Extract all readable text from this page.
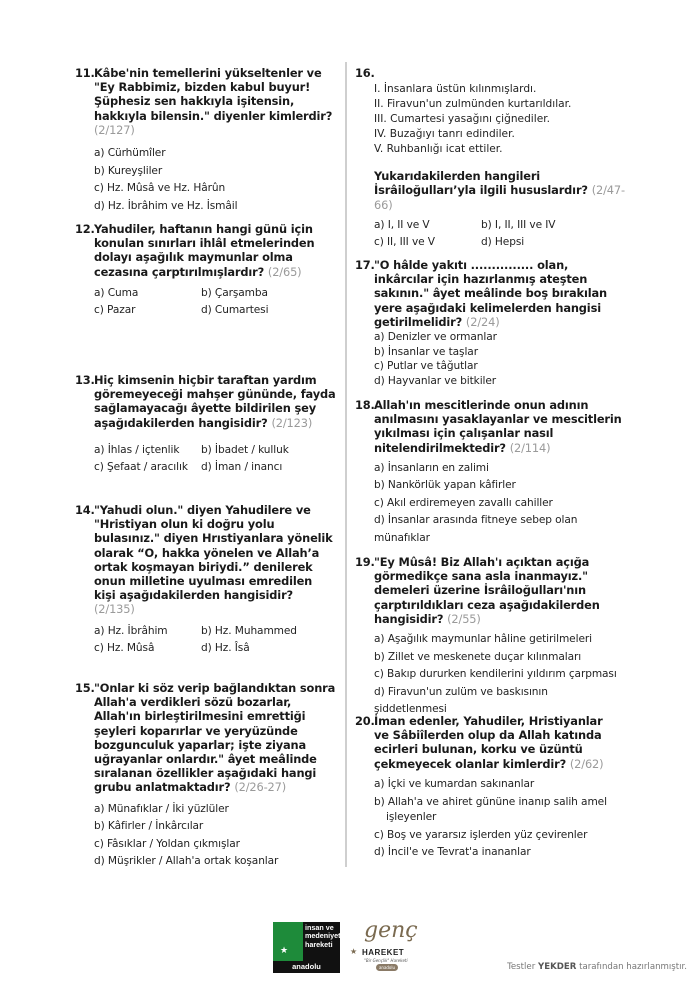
11.Kâbe'nin temellerini yükseltenler ve "Ey Rabbimiz, bizden kabul buyur! Şüphesiz sen hakkıyla işitensin, hakkıyla bilensin." diyenler kimlerdir? (2/127)
a) Cürhümîler
b) Kureyşliler
c) Hz. Mûsâ ve Hz. Hârûn
d) Hz. İbrâhim ve Hz. İsmâil
12.Yahudiler, haftanın hangi günü için konulan sınırları ihlâl etmelerinden dolayı aşağılık maymunlar olma cezasına çarptırılmışlardır? (2/65)
a) Cuma	b) Çarşamba
c) Pazar	d) Cumartesi
13.Hiç kimsenin hiçbir taraftan yardım göremeyeceği mahşer gününde, fayda sağlamayacağı âyette bildirilen şey aşağıdakilerden hangisidir? (2/123)
a) İhlas / içtenlik	b) İbadet / kulluk
c) Şefaat / aracılık	d) İman / inancı
14."Yahudi olun." diyen Yahudilere ve "Hristiyan olun ki doğru yolu bulasınız." diyen Hrıstiyanlara yönelik olarak “O, hakka yönelen ve Allah’a ortak koşmayan biriydi.” denilerek onun milletine uyulması emredilen kişi aşağıdakilerden hangisidir? (2/135)
a) Hz. İbrâhim	b) Hz. Muhammed
c) Hz. Mûsâ	d) Hz. Îsâ
15."Onlar ki söz verip bağlandıktan sonra Allah'a verdikleri sözü bozarlar, Allah'ın birleştirilmesini emrettiği şeyleri koparırlar ve yeryüzünde bozgunculuk yaparlar; işte ziyana uğrayanlar onlardır." âyet meâlinde sıralanan özellikler aşağıdaki hangi grubu anlatmaktadır? (2/26-27)
a) Münafıklar / İki yüzlüler
b) Kâfirler / İnkârcılar
c) Fâsıklar / Yoldan çıkmışlar
d) Müşrikler / Allah'a ortak koşanlar
16.
I. İnsanlara üstün kılınmışlardı.
II. Firavun'un zulmünden kurtarıldılar.
III. Cumartesi yasağını çiğnediler.
IV. Buzağıyı tanrı edindiler.
V. Ruhbanlığı icat ettiler.
Yukarıdakilerden hangileri İsrâiloğulları’yla ilgili hususlardır? (2/47-66)
a) I, II ve V	b) I, II, III ve IV
c) II, III ve V	d) Hepsi
17."O hâlde yakıtı ............... olan, inkârcılar için hazırlanmış ateşten sakının." âyet meâlinde boş bırakılan yere aşağıdaki kelimelerden hangisi getirilmelidir? (2/24)
a) Denizler ve ormanlar
b) İnsanlar ve taşlar
c) Putlar ve tâğutlar
d) Hayvanlar ve bitkiler
18.Allah'ın mescitlerinde onun adının anılmasını yasaklayanlar ve mescitlerin yıkılması için çalışanlar nasıl nitelendirilmektedir? (2/114)
a) İnsanların en zalimi
b) Nankörlük yapan kâfirler
c) Akıl erdiremeyen zavallı cahiller
d) İnsanlar arasında fitneye sebep olan münafıklar
19."Ey Mûsâ! Biz Allah'ı açıktan açığa görmedikçe sana asla inanmayız." demeleri üzerine İsrâiloğulları'nın çarptırıldıkları ceza aşağıdakilerden hangisidir? (2/55)
a) Aşağılık maymunlar hâline getirilmeleri
b) Zillet ve meskenete duçar kılınmaları
c) Bakıp dururken kendilerini yıldırım çarpması
d) Firavun'un zulüm ve baskısının şiddetlenmesi
20.İman edenler, Yahudiler, Hristiyanlar ve Sâbiîlerden olup da Allah katında ecirleri bulunan, korku ve üzüntü çekmeyecek olanlar kimlerdir? (2/62)
a) İçki ve kumardan sakınanlar
b) Allah'a ve ahiret gününe inanıp salih amel işleyenler
c) Boş ve yararsız işlerden yüz çevirenler
d) İncil'e ve Tevrat'a inananlar
★
insan ve
medeniyet
hareketi
anadolu
genç
★ HAREKET
"Bir Gençlik" Hareketi
anadolu	Testler YEKDER tarafından hazırlanmıştır.
